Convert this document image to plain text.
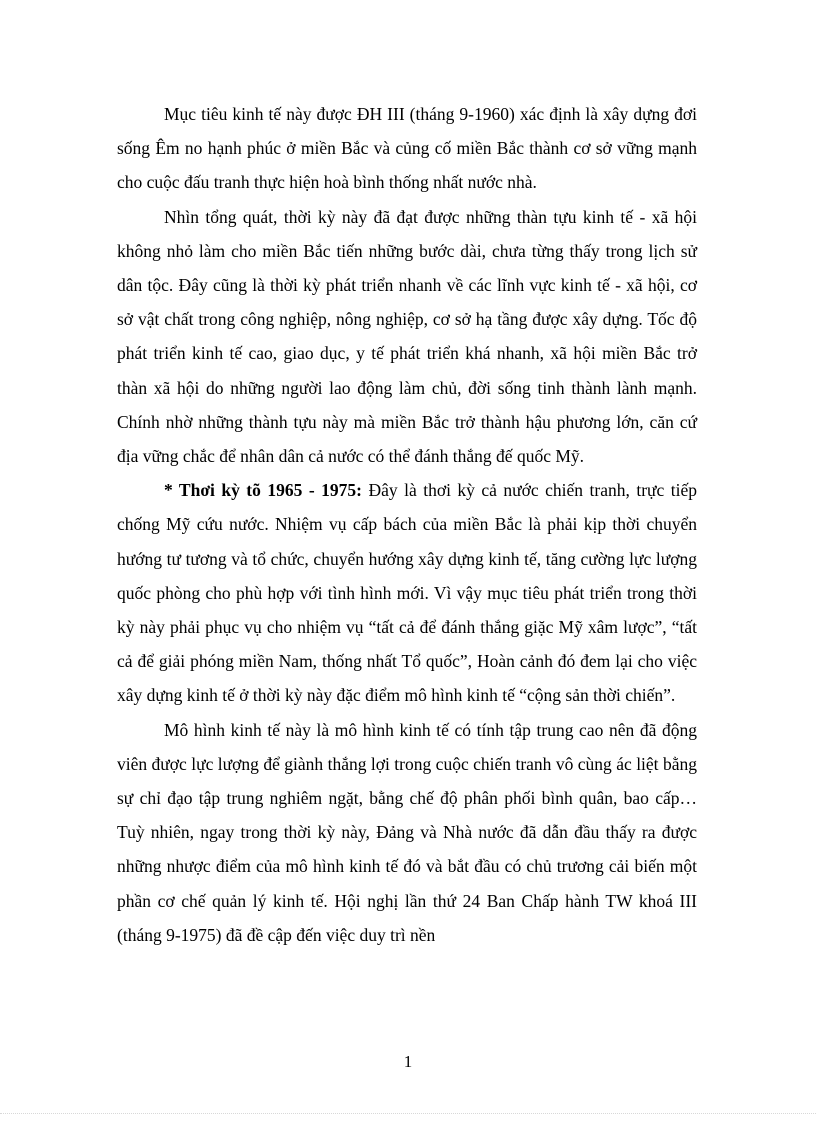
Mục tiêu kinh tế này được ĐH III (tháng 9-1960) xác định là xây dựng đơi sống Êm no hạnh phúc ở miền Bắc và củng cố miền Bắc thành cơ sở vững mạnh cho cuộc đấu tranh thực hiện hoà bình thống nhất nước nhà.

Nhìn tổng quát, thời kỳ này đã đạt được những thàn tựu kinh tế - xã hội không nhỏ làm cho miền Bắc tiến những bước dài, chưa từng thấy trong lịch sử dân tộc. Đây cũng là thời kỳ phát triển nhanh về các lĩnh vực kinh tế - xã hội, cơ sở vật chất trong công nghiệp, nông nghiệp, cơ sở hạ tầng được xây dựng. Tốc độ phát triển kinh tế cao, giao dục, y tế phát triển khá nhanh, xã hội miền Bắc trở thàn xã hội do những người lao động làm chủ, đời sống tinh thành lành mạnh. Chính nhờ những thành tựu này mà miền Bắc trở thành hậu phương lớn, căn cứ địa vững chắc để nhân dân cả nước có thể đánh thắng đế quốc Mỹ.

* Thơi kỳ tõ 1965 - 1975: Đây là thơi kỳ cả nước chiến tranh, trực tiếp chống Mỹ cứu nước. Nhiệm vụ cấp bách của miền Bắc là phải kịp thời chuyển hướng tư tương và tổ chức, chuyển hướng xây dựng kinh tế, tăng cường lực lượng quốc phòng cho phù hợp với tình hình mới. Vì vậy mục tiêu phát triển trong thời kỳ này phải phục vụ cho nhiệm vụ “tất cả để đánh thắng giặc Mỹ xâm lược”, “tất cả để giải phóng miền Nam, thống nhất Tổ quốc”, Hoàn cảnh đó đem lại cho việc xây dựng kinh tế ở thời kỳ này đặc điểm mô hình kinh tế “cộng sản thời chiến”.

Mô hình kinh tế này là mô hình kinh tế có tính tập trung cao nên đã động viên được lực lượng để giành thắng lợi trong cuộc chiến tranh vô cùng ác liệt bằng sự chỉ đạo tập trung nghiêm ngặt, bằng chế độ phân phối bình quân, bao cấp… Tuỳ nhiên, ngay trong thời kỳ này, Đảng và Nhà nước đã dẫn đầu thấy ra được những nhược điểm của mô hình kinh tế đó và bắt đầu có chủ trương cải biến một phần cơ chế quản lý kinh tế. Hội nghị lần thứ 24 Ban Chấp hành TW khoá III (tháng 9-1975) đã đề cập đến việc duy trì nền

1
